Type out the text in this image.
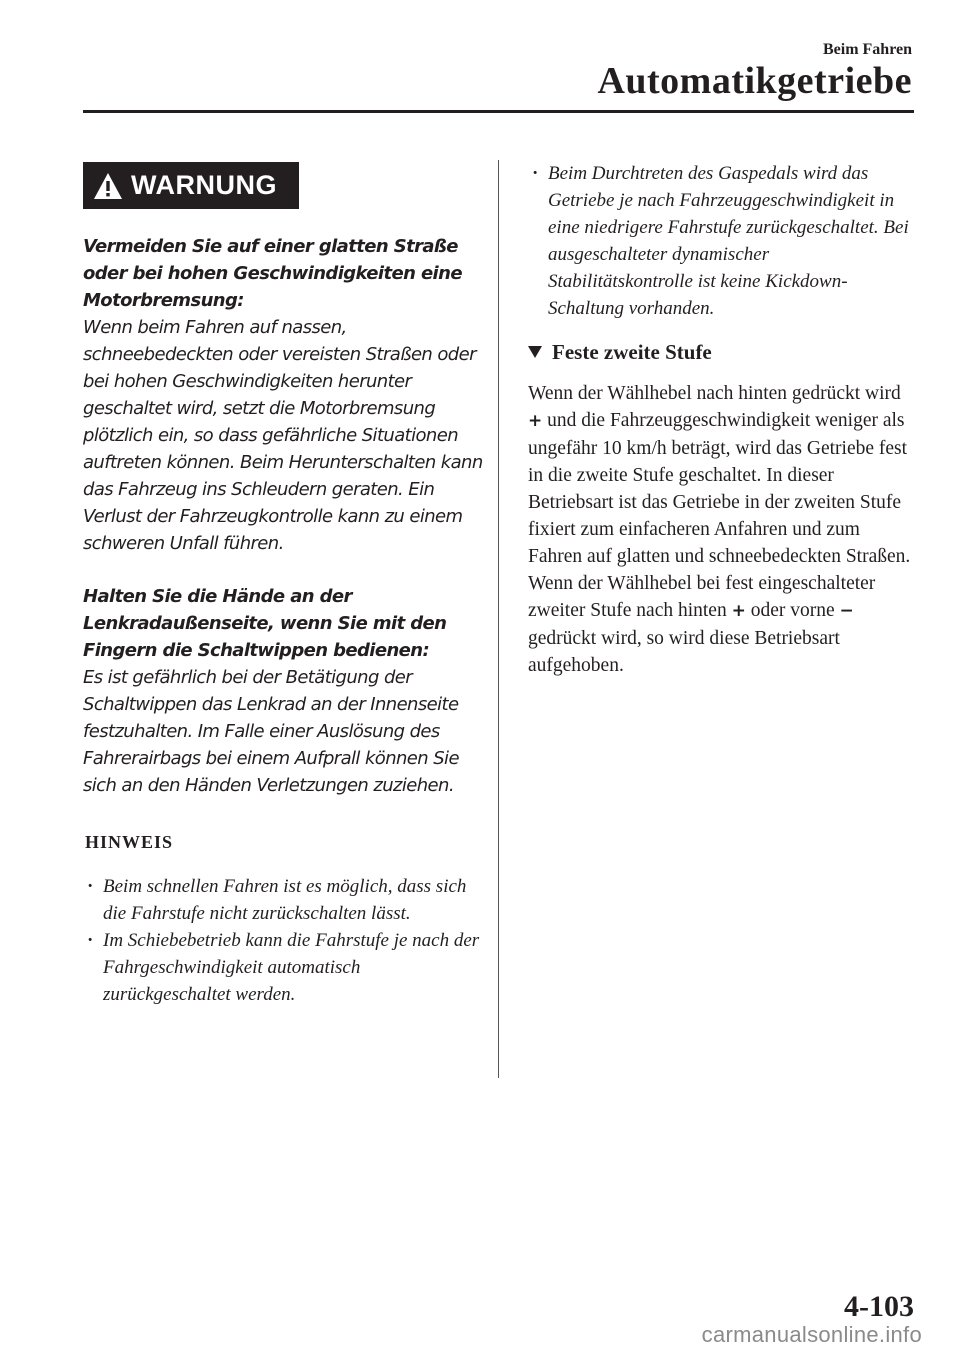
Beim Fahren
Automatikgetriebe
WARNUNG
Vermeiden Sie auf einer glatten Straße oder bei hohen Geschwindigkeiten eine Motorbremsung:
Wenn beim Fahren auf nassen, schneebedeckten oder vereisten Straßen oder bei hohen Geschwindigkeiten herunter geschaltet wird, setzt die Motorbremsung plötzlich ein, so dass gefährliche Situationen auftreten können. Beim Herunterschalten kann das Fahrzeug ins Schleudern geraten. Ein Verlust der Fahrzeugkontrolle kann zu einem schweren Unfall führen.
Halten Sie die Hände an der Lenkradaußenseite, wenn Sie mit den Fingern die Schaltwippen bedienen:
Es ist gefährlich bei der Betätigung der Schaltwippen das Lenkrad an der Innenseite festzuhalten. Im Falle einer Auslösung des Fahrerairbags bei einem Aufprall können Sie sich an den Händen Verletzungen zuziehen.
HINWEIS
· Beim schnellen Fahren ist es möglich, dass sich die Fahrstufe nicht zurückschalten lässt.
· Im Schiebebetrieb kann die Fahrstufe je nach der Fahrgeschwindigkeit automatisch zurückgeschaltet werden.
· Beim Durchtreten des Gaspedals wird das Getriebe je nach Fahrzeuggeschwindigkeit in eine niedrigere Fahrstufe zurückgeschaltet. Bei ausgeschalteter dynamischer Stabilitätskontrolle ist keine Kickdown-Schaltung vorhanden.
Feste zweite Stufe
Wenn der Wählhebel nach hinten gedrückt wird + und die Fahrzeuggeschwindigkeit weniger als ungefähr 10 km/h beträgt, wird das Getriebe fest in die zweite Stufe geschaltet. In dieser Betriebsart ist das Getriebe in der zweiten Stufe fixiert zum einfacheren Anfahren und zum Fahren auf glatten und schneebedeckten Straßen. Wenn der Wählhebel bei fest eingeschalteter zweiter Stufe nach hinten + oder vorne − gedrückt wird, so wird diese Betriebsart aufgehoben.
4-103
carmanualsonline.info
